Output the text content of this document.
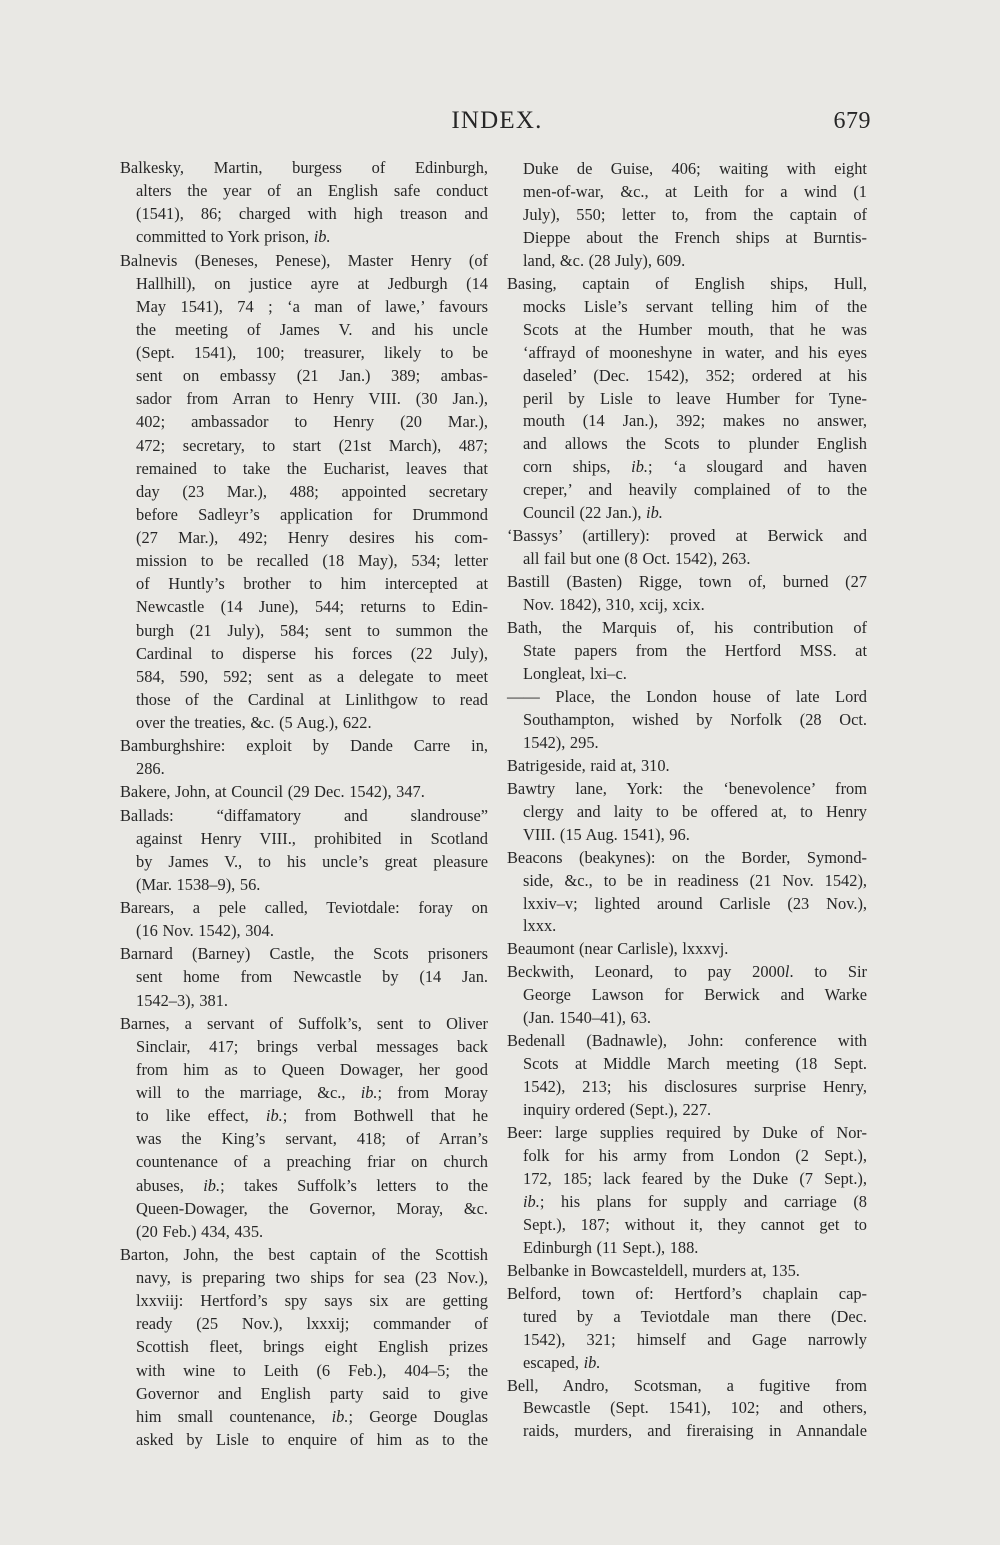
INDEX.	679
Balkesky, Martin, burgess of Edinburgh,
alters the year of an English safe conduct
(1541), 86; charged with high treason and
committed to York prison, ib.
Balnevis (Beneses, Penese), Master Henry (of
Hallhill), on justice ayre at Jedburgh (14
May 1541), 74 ; ‘a man of lawe,’ favours
the meeting of James V. and his uncle
(Sept. 1541), 100; treasurer, likely to be
sent on embassy (21 Jan.) 389; ambas-
sador from Arran to Henry VIII. (30 Jan.),
402; ambassador to Henry (20 Mar.),
472; secretary, to start (21st March), 487;
remained to take the Eucharist, leaves that
day (23 Mar.), 488; appointed secretary
before Sadleyr’s application for Drummond
(27 Mar.), 492; Henry desires his com-
mission to be recalled (18 May), 534; letter
of Huntly’s brother to him intercepted at
Newcastle (14 June), 544; returns to Edin-
burgh (21 July), 584; sent to summon the
Cardinal to disperse his forces (22 July),
584, 590, 592; sent as a delegate to meet
those of the Cardinal at Linlithgow to read
over the treaties, &c. (5 Aug.), 622.
Bamburghshire: exploit by Dande Carre in,
286.
Bakere, John, at Council (29 Dec. 1542), 347.
Ballads: “diffamatory and slandrouse”
against Henry VIII., prohibited in Scotland
by James V., to his uncle’s great pleasure
(Mar. 1538–9), 56.
Barears, a pele called, Teviotdale: foray on
(16 Nov. 1542), 304.
Barnard (Barney) Castle, the Scots prisoners
sent home from Newcastle by (14 Jan.
1542–3), 381.
Barnes, a servant of Suffolk’s, sent to Oliver
Sinclair, 417; brings verbal messages back
from him as to Queen Dowager, her good
will to the marriage, &c., ib.; from Moray
to like effect, ib.; from Bothwell that he
was the King’s servant, 418; of Arran’s
countenance of a preaching friar on church
abuses, ib.; takes Suffolk’s letters to the
Queen-Dowager, the Governor, Moray, &c.
(20 Feb.) 434, 435.
Barton, John, the best captain of the Scottish
navy, is preparing two ships for sea (23 Nov.),
lxxviij: Hertford’s spy says six are getting
ready (25 Nov.), lxxxij; commander of
Scottish fleet, brings eight English prizes
with wine to Leith (6 Feb.), 404–5; the
Governor and English party said to give
him small countenance, ib.; George Douglas
asked by Lisle to enquire of him as to the
Duke de Guise, 406; waiting with eight
men-of-war, &c., at Leith for a wind (1
July), 550; letter to, from the captain of
Dieppe about the French ships at Burntis-
land, &c. (28 July), 609.
Basing, captain of English ships, Hull,
mocks Lisle’s servant telling him of the
Scots at the Humber mouth, that he was
‘affrayd of mooneshyne in water, and his eyes
daseled’ (Dec. 1542), 352; ordered at his
peril by Lisle to leave Humber for Tyne-
mouth (14 Jan.), 392; makes no answer,
and allows the Scots to plunder English
corn ships, ib.; ‘a slougard and haven
creper,’ and heavily complained of to the
Council (22 Jan.), ib.
‘Bassys’ (artillery): proved at Berwick and
all fail but one (8 Oct. 1542), 263.
Bastill (Basten) Rigge, town of, burned (27
Nov. 1842), 310, xcij, xcix.
Bath, the Marquis of, his contribution of
State papers from the Hertford MSS. at
Longleat, lxi–c.
—— Place, the London house of late Lord
Southampton, wished by Norfolk (28 Oct.
1542), 295.
Batrigeside, raid at, 310.
Bawtry lane, York: the ‘benevolence’ from
clergy and laity to be offered at, to Henry
VIII. (15 Aug. 1541), 96.
Beacons (beakynes): on the Border, Symond-
side, &c., to be in readiness (21 Nov. 1542),
lxxiv–v; lighted around Carlisle (23 Nov.),
lxxx.
Beaumont (near Carlisle), lxxxvj.
Beckwith, Leonard, to pay 2000l. to Sir
George Lawson for Berwick and Warke
(Jan. 1540–41), 63.
Bedenall (Badnawle), John: conference with
Scots at Middle March meeting (18 Sept.
1542), 213; his disclosures surprise Henry,
inquiry ordered (Sept.), 227.
Beer: large supplies required by Duke of Nor-
folk for his army from London (2 Sept.),
172, 185; lack feared by the Duke (7 Sept.),
ib.; his plans for supply and carriage (8
Sept.), 187; without it, they cannot get to
Edinburgh (11 Sept.), 188.
Belbanke in Bowcasteldell, murders at, 135.
Belford, town of: Hertford’s chaplain cap-
tured by a Teviotdale man there (Dec.
1542), 321; himself and Gage narrowly
escaped, ib.
Bell, Andro, Scotsman, a fugitive from
Bewcastle (Sept. 1541), 102; and others,
raids, murders, and fireraising in Annandale
